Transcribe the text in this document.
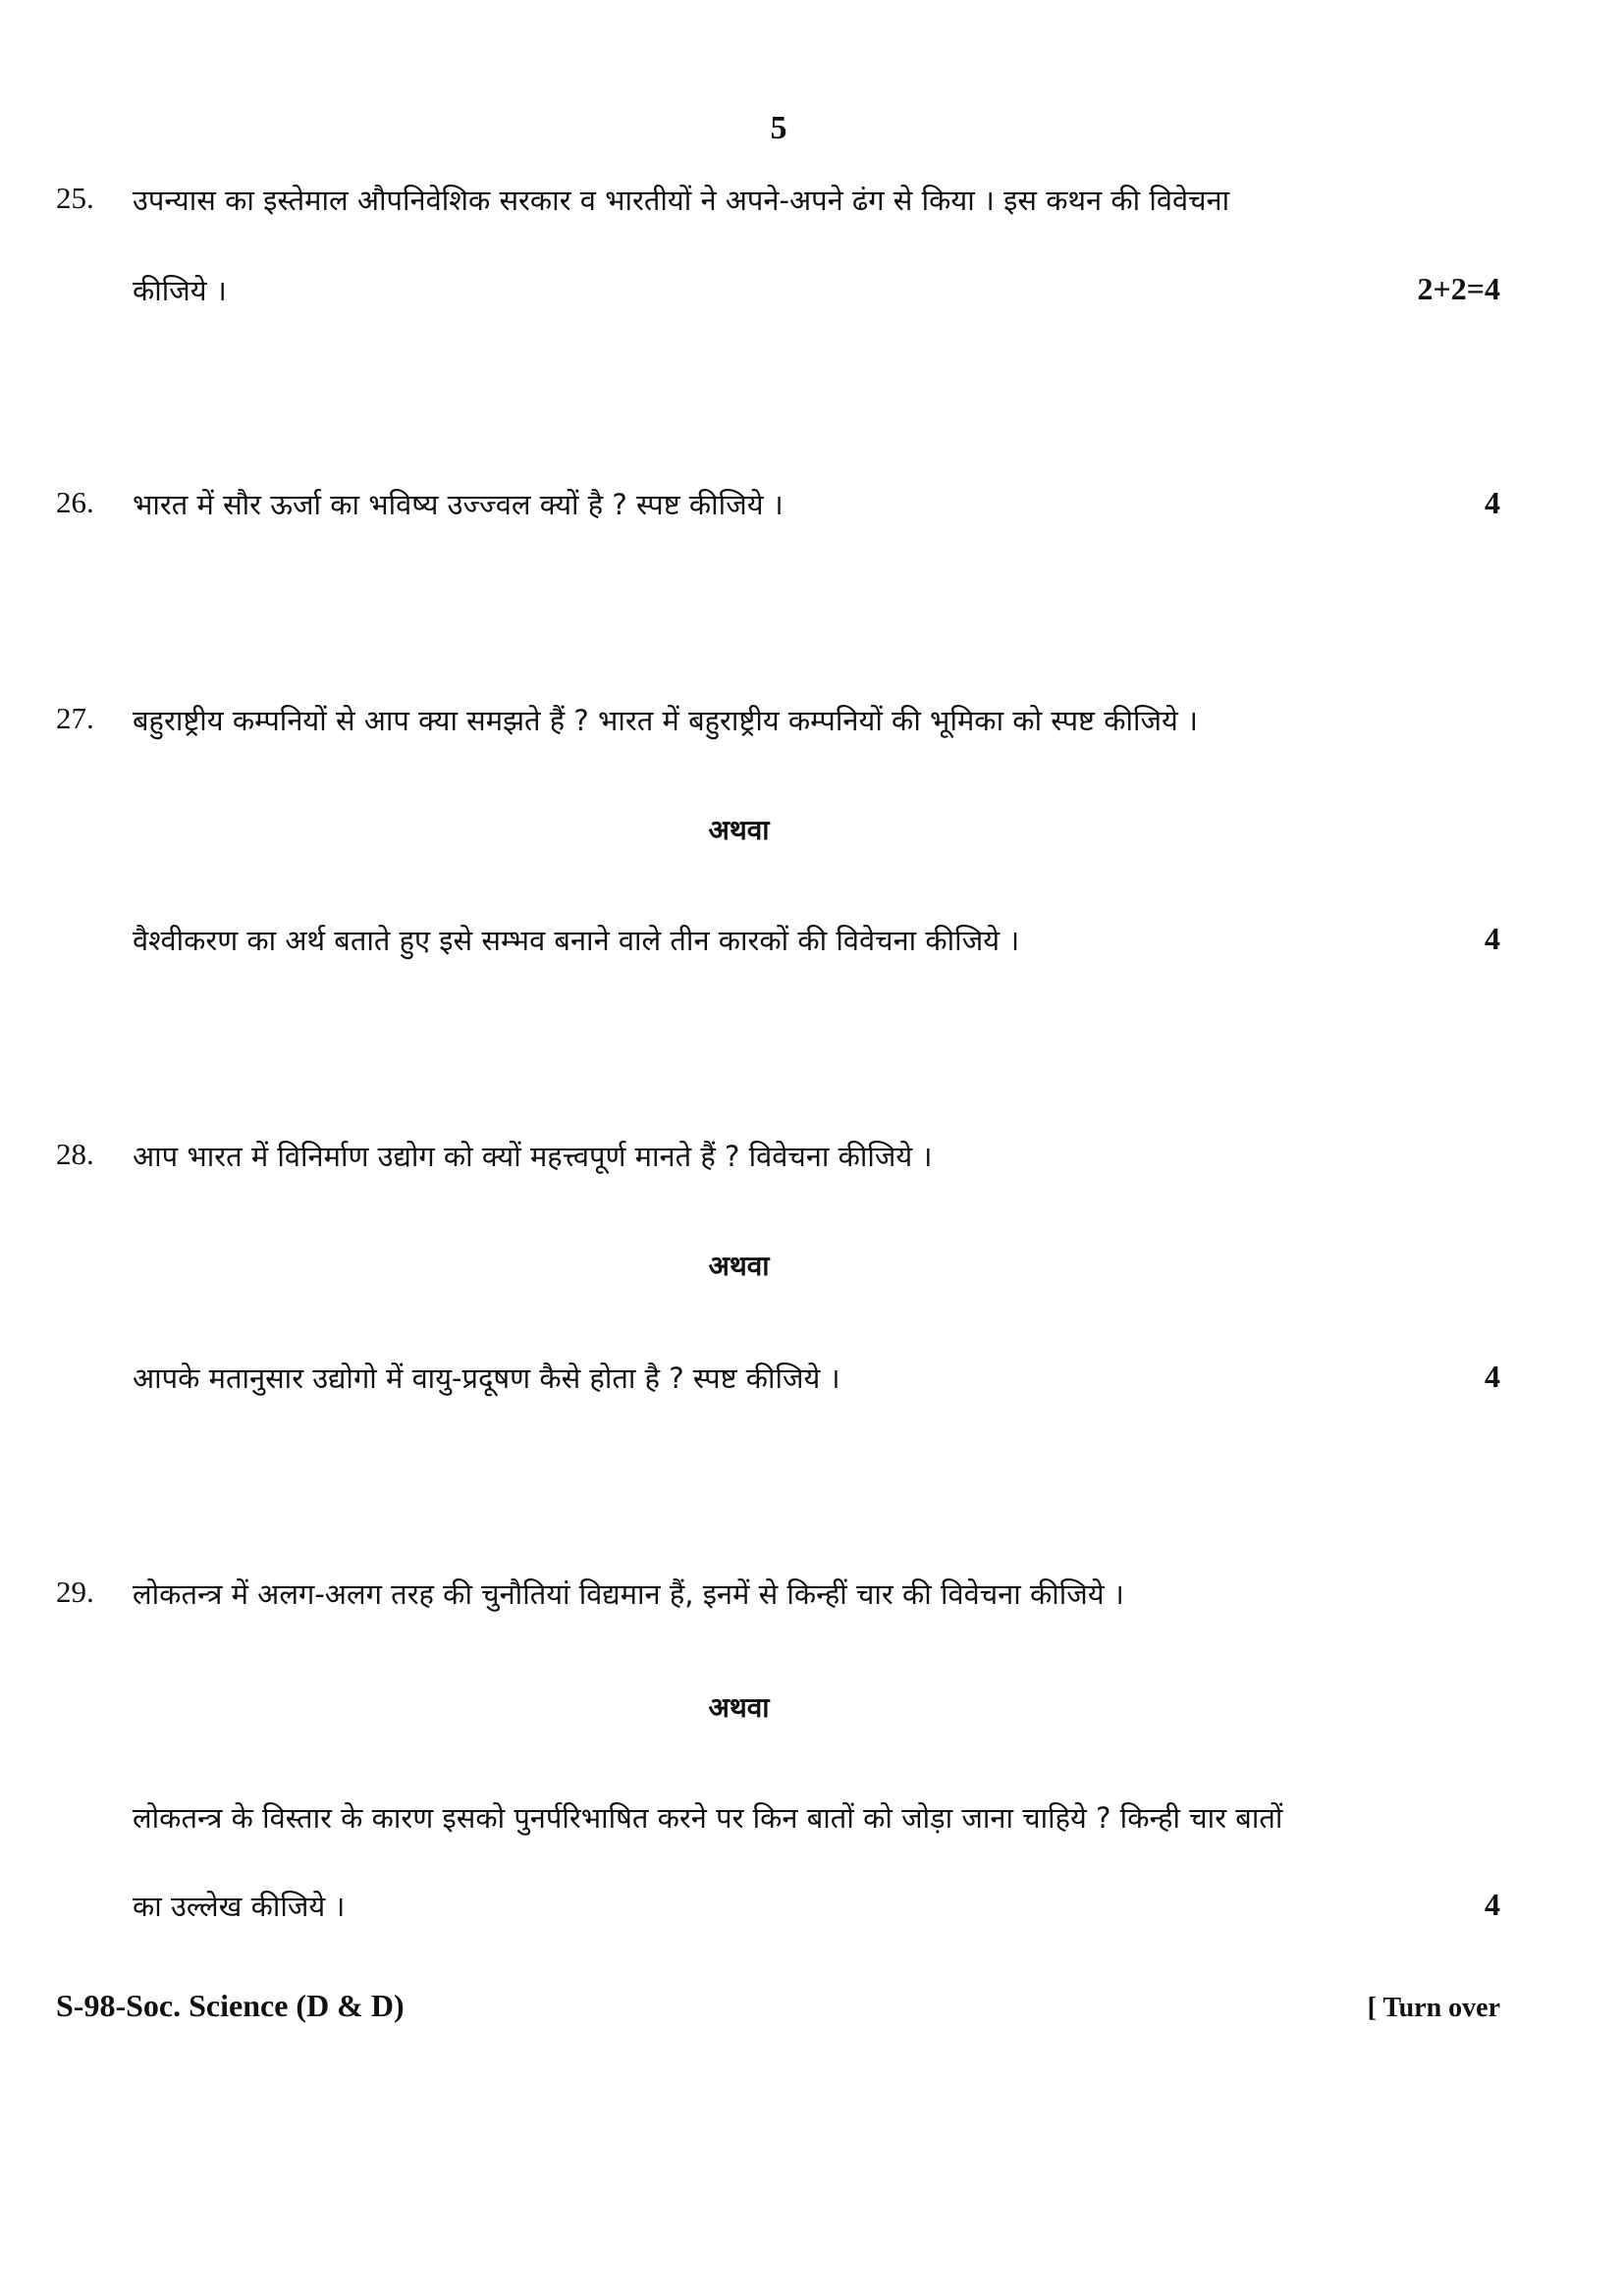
5
25. उपन्यास का इस्तेमाल औपनिवेशिक सरकार व भारतीयों ने अपने-अपने ढंग से किया । इस कथन की विवेचना
कीजिये ।	2+2=4
26. भारत में सौर ऊर्जा का भविष्य उज्ज्वल क्यों है ? स्पष्ट कीजिये ।	4
27. बहुराष्ट्रीय कम्पनियों से आप क्या समझते हैं ? भारत में बहुराष्ट्रीय कम्पनियों की भूमिका को स्पष्ट कीजिये ।
अथवा
वैश्वीकरण का अर्थ बताते हुए इसे सम्भव बनाने वाले तीन कारकों की विवेचना कीजिये ।	4
28. आप भारत में विनिर्माण उद्योग को क्यों महत्त्वपूर्ण मानते हैं ? विवेचना कीजिये ।
अथवा
आपके मतानुसार उद्योगो में वायु-प्रदूषण कैसे होता है ? स्पष्ट कीजिये ।	4
29. लोकतन्त्र में अलग-अलग तरह की चुनौतियां विद्यमान हैं, इनमें से किन्हीं चार की विवेचना कीजिये ।
अथवा
लोकतन्त्र के विस्तार के कारण इसको पुनर्परिभाषित करने पर किन बातों को जोड़ा जाना चाहिये ? किन्ही चार बातों
का उल्लेख कीजिये ।	4
S-98-Soc. Science (D & D)	[ Turn over
